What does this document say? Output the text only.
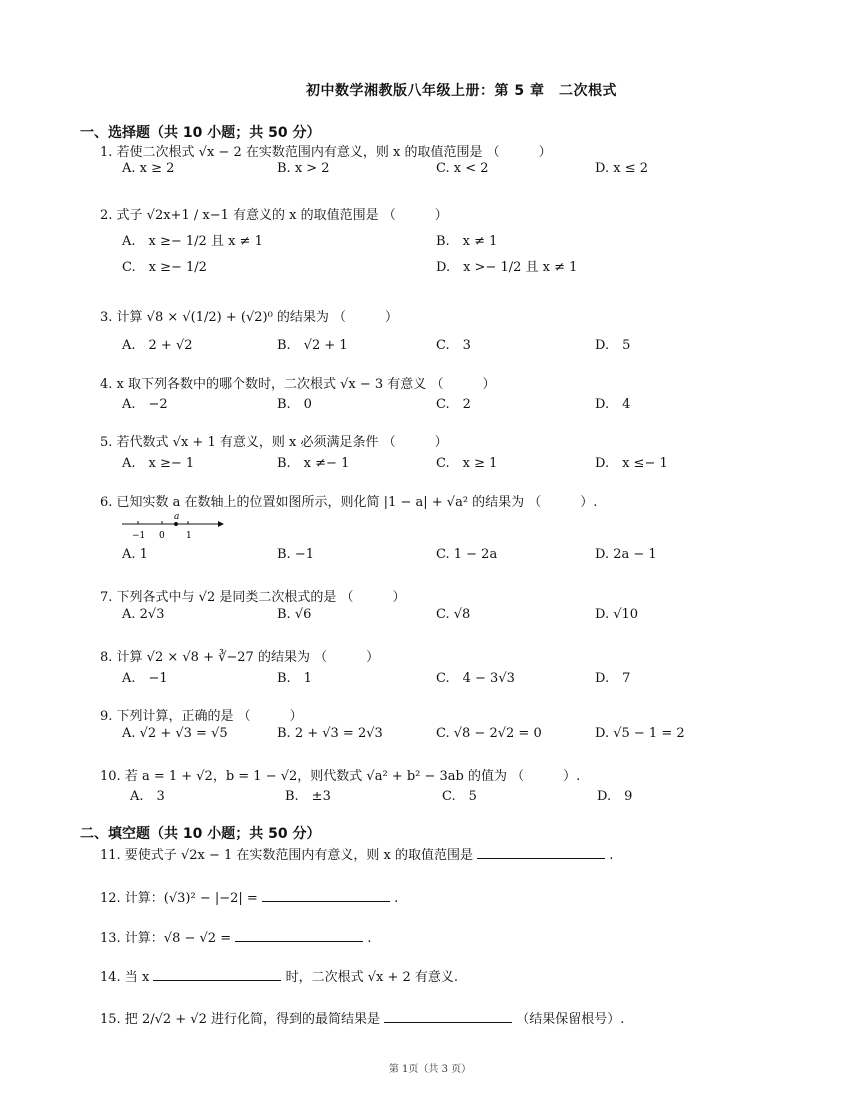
初中数学湘教版八年级上册：第 5 章　二次根式
一、选择题（共 10 小题；共 50 分）
1. 若使二次根式 √x − 2 在实数范围内有意义，则 x 的取值范围是 （　　　）
A. x ≥ 2	B. x > 2	C. x < 2	D. x ≤ 2
2. 式子 √2x+1 / x−1 有意义的 x 的取值范围是 （　　　）
A.　x ≥− 1/2 且 x ≠ 1	B.　x ≠ 1
C.　x ≥− 1/2	D.　x >− 1/2 且 x ≠ 1
3. 计算 √8 × √(1/2) + (√2)⁰ 的结果为 （　　　）
A.　2 + √2	B.　√2 + 1	C.　3	D.　5
4. x 取下列各数中的哪个数时，二次根式 √x − 3 有意义 （　　　）
A.　−2	B.　0	C.　2	D.　4
5. 若代数式 √x + 1 有意义，则 x 必须满足条件 （　　　）
A.　x ≥− 1	B.　x ≠− 1	C.　x ≥ 1	D.　x ≤− 1
6. 已知实数 a 在数轴上的位置如图所示，则化简 |1 − a| + √a² 的结果为 （　　　）.
a
−1 0 1
A. 1	B. −1	C. 1 − 2a	D. 2a − 1
7. 下列各式中与 √2 是同类二次根式的是 （　　　）
A. 2√3	B. √6	C. √8	D. √10
8. 计算 √2 × √8 + ∛−27 的结果为 （　　　）
A.　−1	B.　1	C.　4 − 3√3	D.　7
9. 下列计算，正确的是 （　　　）
A. √2 + √3 = √5	B. 2 + √3 = 2√3	C. √8 − 2√2 = 0	D. √5 − 1 = 2
10. 若 a = 1 + √2，b = 1 − √2，则代数式 √a² + b² − 3ab 的值为 （　　　）.
A.　3	B.　±3	C.　5	D.　9
二、填空题（共 10 小题；共 50 分）
11. 要使式子 √2x − 1 在实数范围内有意义，则 x 的取值范围是	.
12. 计算：(√3)² − |−2| =	.
13. 计算：√8 − √2 =	.
14. 当 x	时，二次根式 √x + 2 有意义.
15. 把 2/√2 + √2 进行化简，得到的最简结果是	（结果保留根号）.
第 1页（共 3 页）
